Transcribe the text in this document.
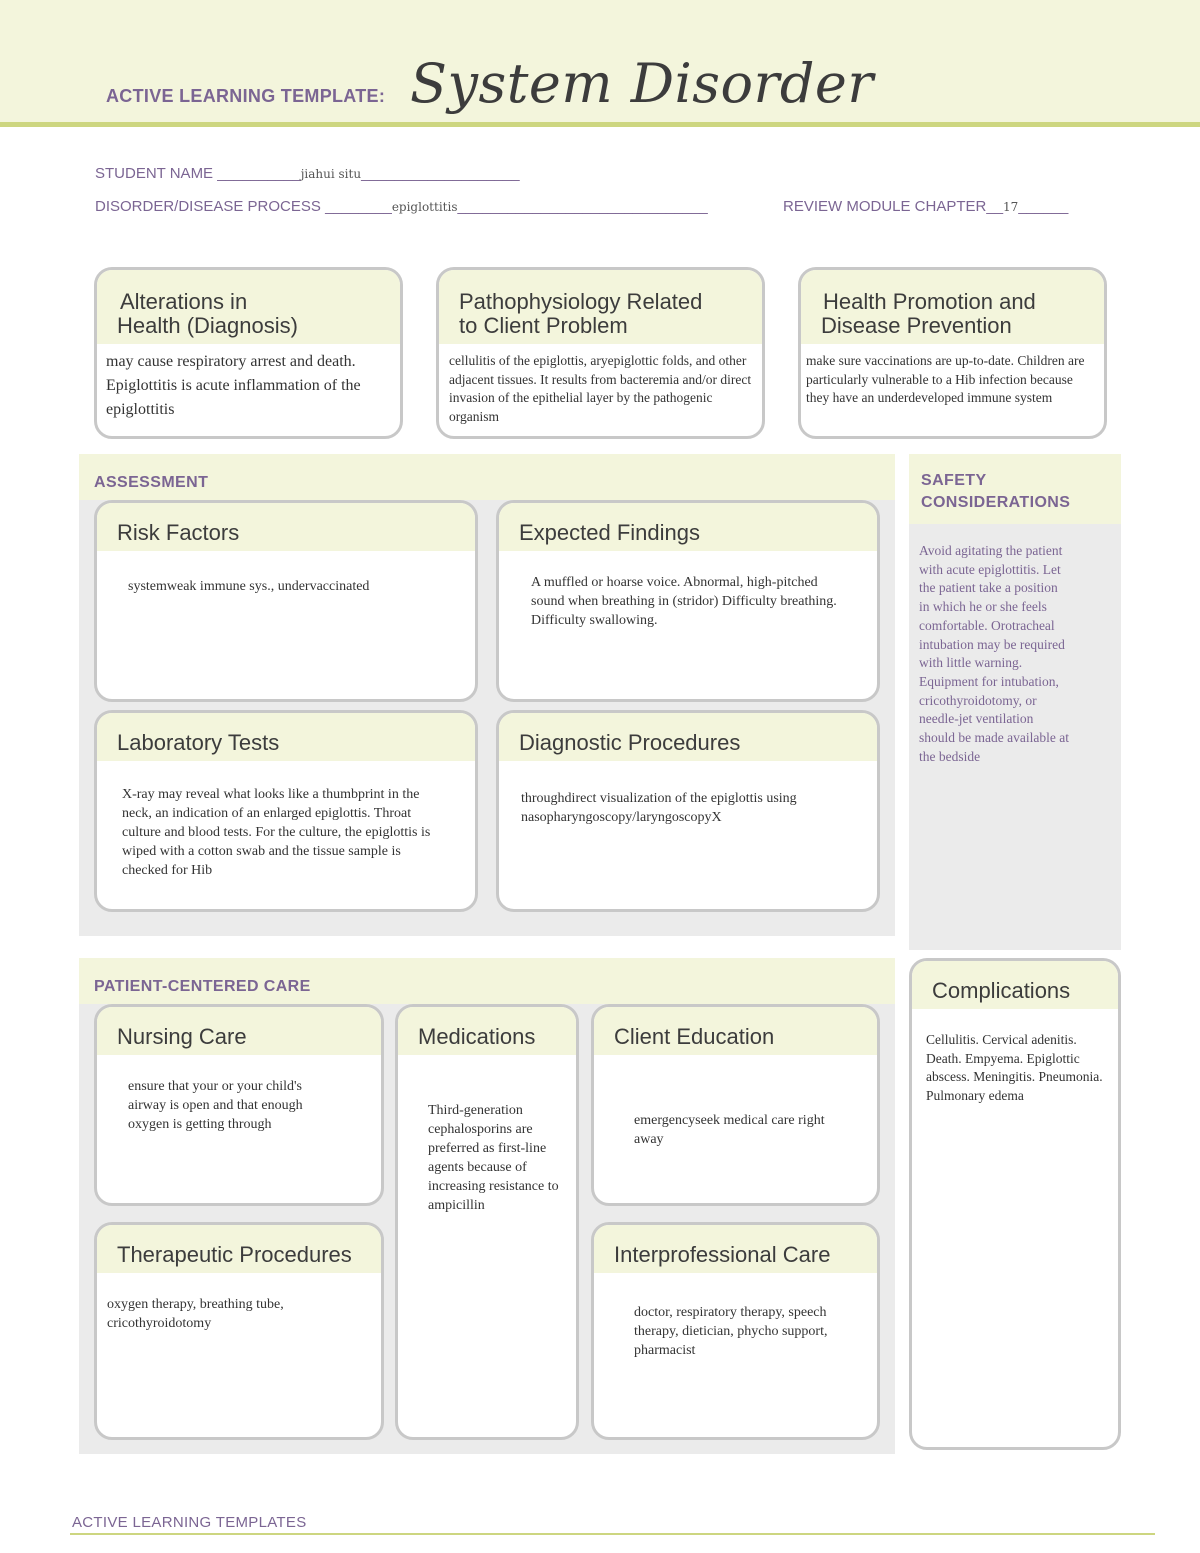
ACTIVE LEARNING TEMPLATE: System Disorder
STUDENT NAME __________jiahui situ___________________
DISORDER/DISEASE PROCESS ________epiglottitis______________________________	REVIEW MODULE CHAPTER__17______
Alterations in
Health (Diagnosis)
may cause respiratory arrest and death. Epiglottitis is acute inflammation of the epiglottitis
Pathophysiology Related
to Client Problem
cellulitis of the epiglottis, aryepiglottic folds, and other adjacent tissues. It results from bacteremia and/or direct invasion of the epithelial layer by the pathogenic organism
Health Promotion and
Disease Prevention
make sure vaccinations are up-to-date. Children are particularly vulnerable to a Hib infection because they have an underdeveloped immune system
ASSESSMENT
Risk Factors
systemweak immune sys., undervaccinated
Expected Findings
A muffled or hoarse voice. Abnormal, high-pitched sound when breathing in (stridor) Difficulty breathing. Difficulty swallowing.
Laboratory Tests
X-ray may reveal what looks like a thumbprint in the neck, an indication of an enlarged epiglottis. Throat culture and blood tests. For the culture, the epiglottis is wiped with a cotton swab and the tissue sample is checked for Hib
Diagnostic Procedures
throughdirect visualization of the epiglottis using nasopharyngoscopy/laryngoscopyX
SAFETY
CONSIDERATIONS
Avoid agitating the patient with acute epiglottitis. Let the patient take a position in which he or she feels comfortable. Orotracheal intubation may be required with little warning. Equipment for intubation, cricothyroidotomy, or needle-jet ventilation should be made available at the bedside
Complications
Cellulitis. Cervical adenitis. Death. Empyema. Epiglottic abscess. Meningitis. Pneumonia. Pulmonary edema
PATIENT-CENTERED CARE
Nursing Care
ensure that your or your child's airway is open and that enough oxygen is getting through
Medications
Third-generation cephalosporins are preferred as first-line agents because of increasing resistance to ampicillin
Client Education
emergencyseek medical care right away
Therapeutic Procedures
oxygen therapy, breathing tube, cricothyroidotomy
Interprofessional Care
doctor, respiratory therapy, speech therapy, dietician, phycho support, pharmacist
ACTIVE LEARNING TEMPLATES
